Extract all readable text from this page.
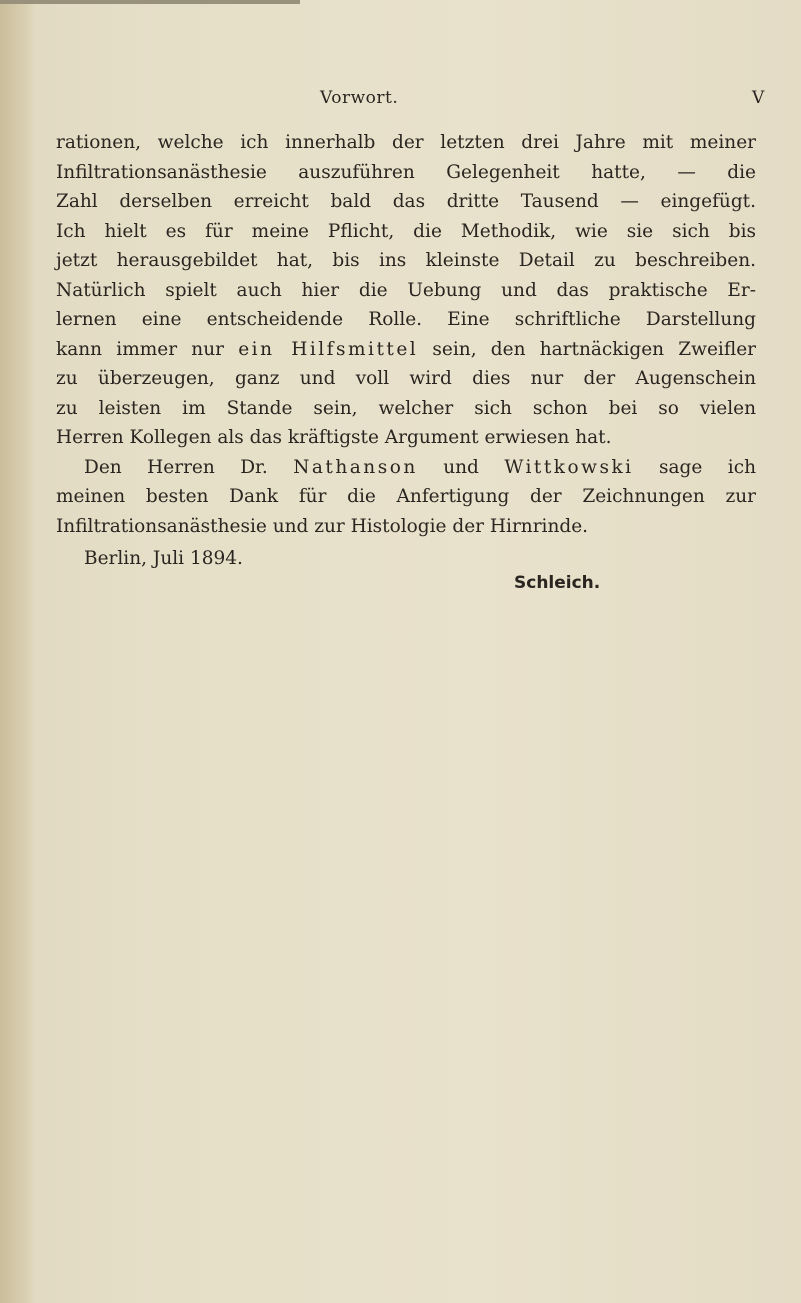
Vorwort.	V
rationen, welche ich innerhalb der letzten drei Jahre mit meiner
Infiltrationsanästhesie auszuführen Gelegenheit hatte, — die
Zahl derselben erreicht bald das dritte Tausend — eingefügt.
Ich hielt es für meine Pflicht, die Methodik, wie sie sich bis
jetzt herausgebildet hat, bis ins kleinste Detail zu beschreiben.
Natürlich spielt auch hier die Uebung und das praktische Er-
lernen eine entscheidende Rolle. Eine schriftliche Darstellung
kann immer nur ein Hilfsmittel sein, den hartnäckigen Zweifler
zu überzeugen, ganz und voll wird dies nur der Augenschein
zu leisten im Stande sein, welcher sich schon bei so vielen
Herren Kollegen als das kräftigste Argument erwiesen hat.
Den Herren Dr. Nathanson und Wittkowski sage ich
meinen besten Dank für die Anfertigung der Zeichnungen zur
Infiltrationsanästhesie und zur Histologie der Hirnrinde.
Berlin, Juli 1894.
Schleich.
